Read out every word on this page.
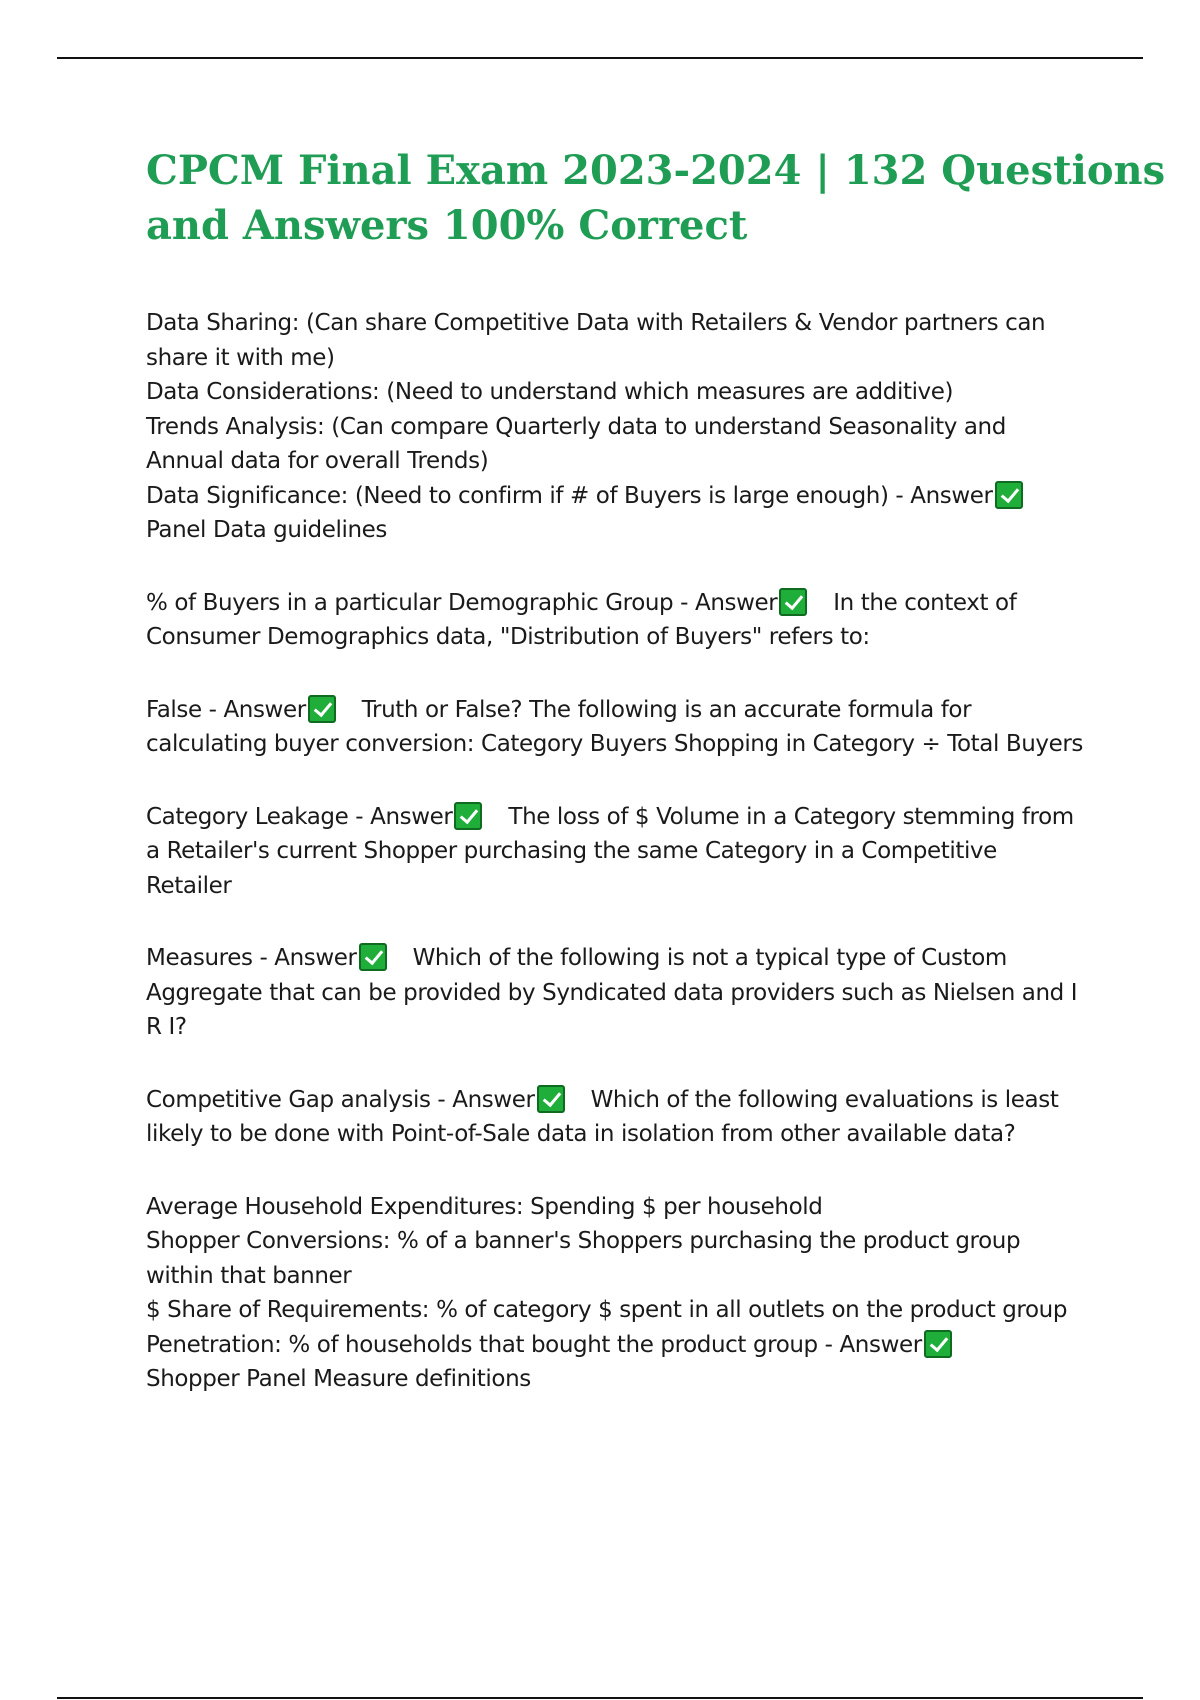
CPCM Final Exam 2023-2024 | 132 Questions
and Answers 100% Correct
Data Sharing: (Can share Competitive Data with Retailers & Vendor partners can
share it with me)
Data Considerations: (Need to understand which measures are additive)
Trends Analysis: (Can compare Quarterly data to understand Seasonality and
Annual data for overall Trends)
Data Significance: (Need to confirm if # of Buyers is large enough) - Answer
Panel Data guidelines
% of Buyers in a particular Demographic Group - Answer In the context of
Consumer Demographics data, "Distribution of Buyers" refers to:
False - Answer Truth or False? The following is an accurate formula for
calculating buyer conversion: Category Buyers Shopping in Category ÷ Total Buyers
Category Leakage - Answer The loss of $ Volume in a Category stemming from
a Retailer's current Shopper purchasing the same Category in a Competitive
Retailer
Measures - Answer Which of the following is not a typical type of Custom
Aggregate that can be provided by Syndicated data providers such as Nielsen and I
R I?
Competitive Gap analysis - Answer Which of the following evaluations is least
likely to be done with Point-of-Sale data in isolation from other available data?
Average Household Expenditures: Spending $ per household
Shopper Conversions: % of a banner's Shoppers purchasing the product group
within that banner
$ Share of Requirements: % of category $ spent in all outlets on the product group
Penetration: % of households that bought the product group - Answer
Shopper Panel Measure definitions
